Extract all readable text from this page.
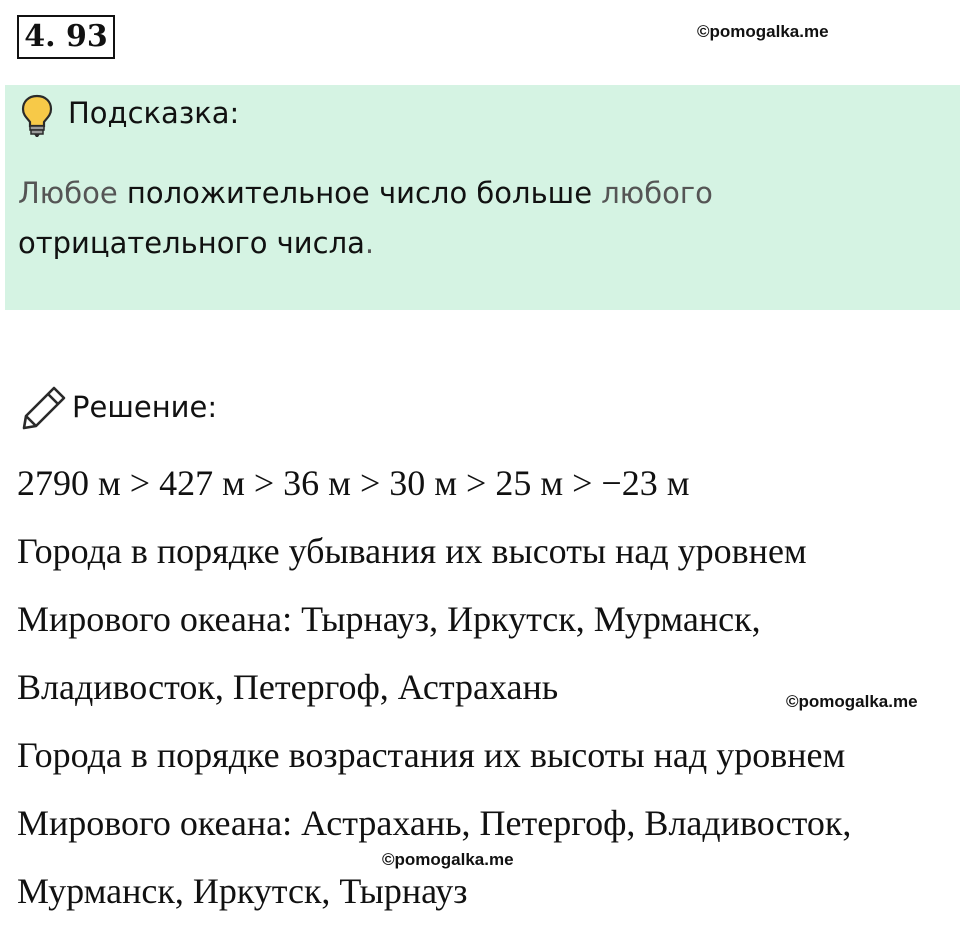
4. 93	©pomogalka.me
Подсказка:
Любое положительное число больше любого
отрицательного числа.
Решение:
2790 м > 427 м > 36 м > 30 м > 25 м > −23 м
Города в порядке убывания их высоты над уровнем
Мирового океана: Тырнауз, Иркутск, Мурманск,
Владивосток, Петергоф, Астрахань	©pomogalka.me
Города в порядке возрастания их высоты над уровнем
Мирового океана: Астрахань, Петергоф, Владивосток,
©pomogalka.me
Мурманск, Иркутск, Тырнауз
